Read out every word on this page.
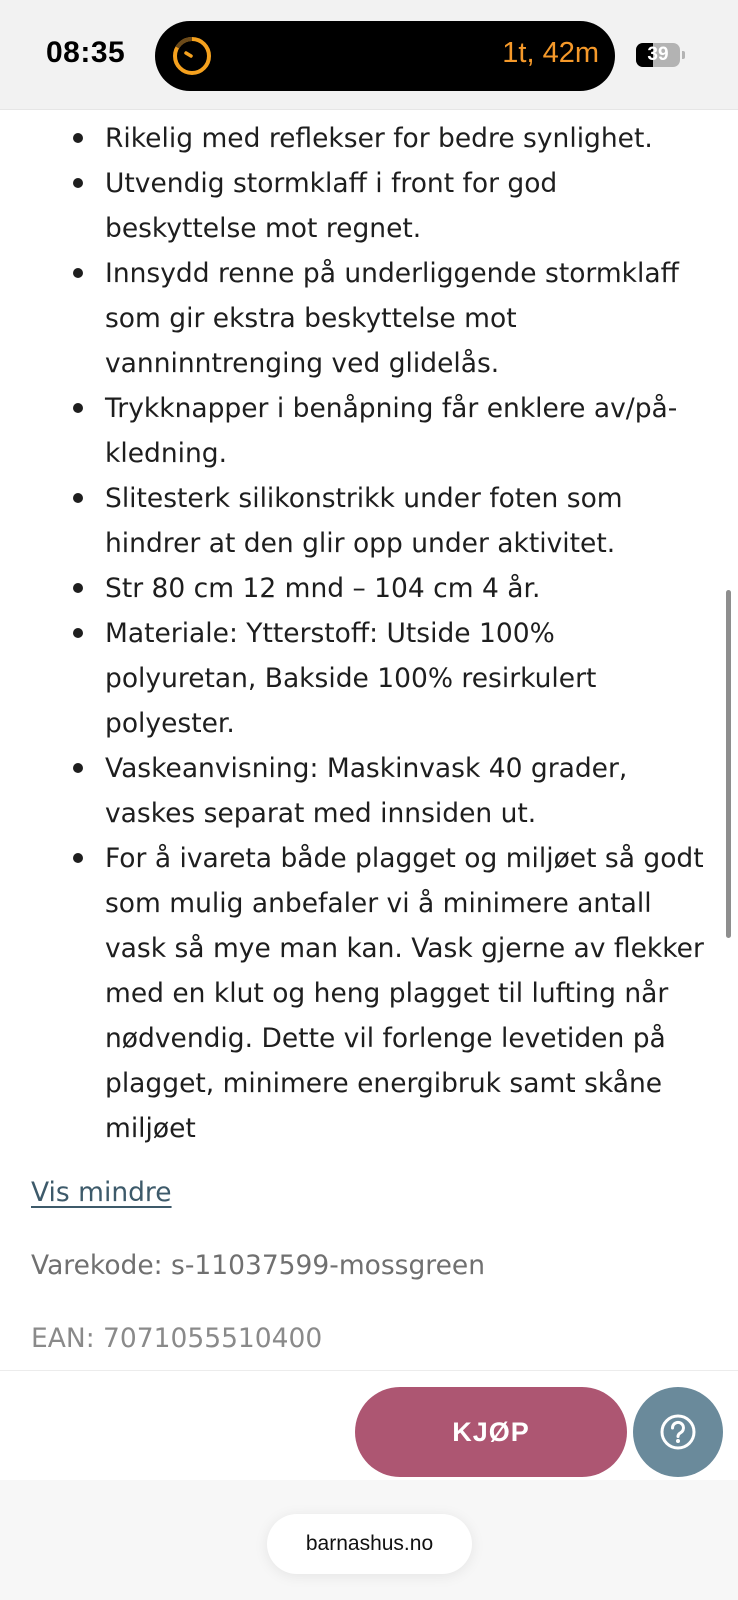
08:35	1t, 42m	39
Rikelig med reflekser for bedre synlighet.
Utvendig stormklaff i front for god beskyttelse mot regnet.
Innsydd renne på underliggende stormklaff som gir ekstra beskyttelse mot vanninntrenging ved glidelås.
Trykknapper i benåpning får enklere av/på-kledning.
Slitesterk silikonstrikk under foten som hindrer at den glir opp under aktivitet.
Str 80 cm 12 mnd – 104 cm 4 år.
Materiale: Ytterstoff: Utside 100% polyuretan, Bakside 100% resirkulert polyester.
Vaskeanvisning: Maskinvask 40 grader, vaskes separat med innsiden ut.
For å ivareta både plagget og miljøet så godt som mulig anbefaler vi å minimere antall vask så mye man kan. Vask gjerne av flekker med en klut og heng plagget til lufting når nødvendig. Dette vil forlenge levetiden på plagget, minimere energibruk samt skåne miljøet
Vis mindre
Varekode: s-11037599-mossgreen
EAN: 7071055510400
KJØP
barnashus.no
